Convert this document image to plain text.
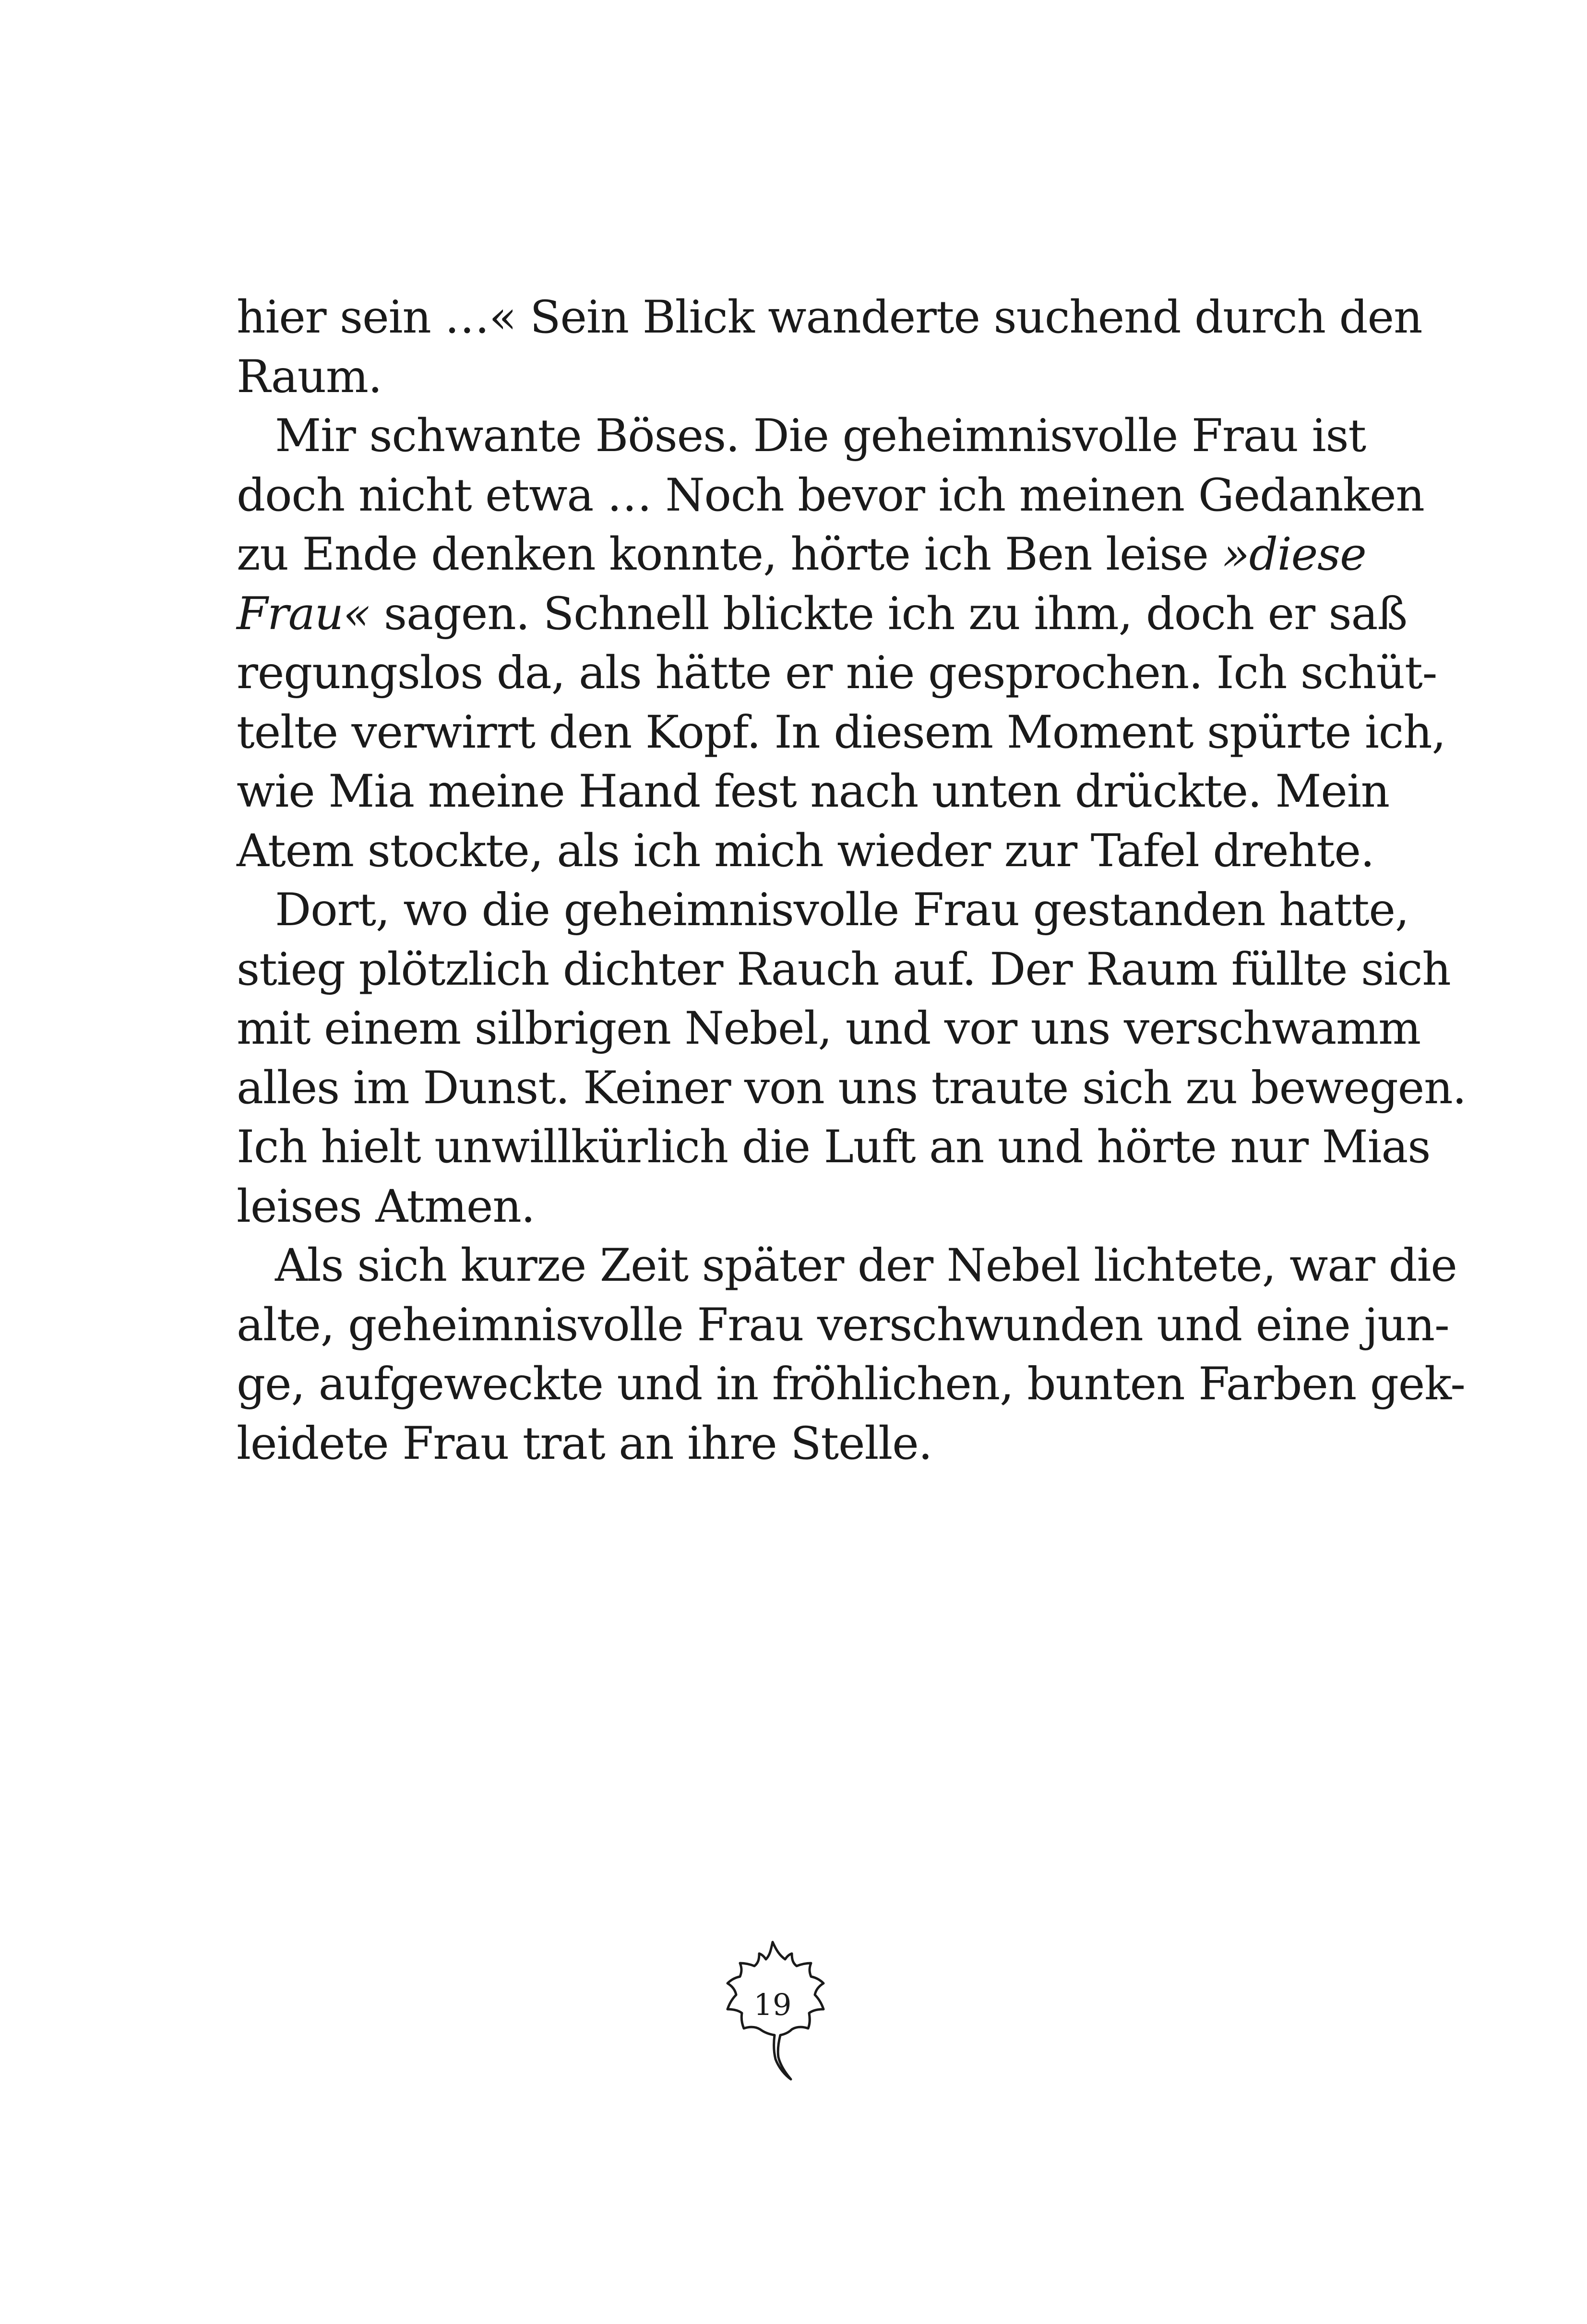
hier sein …« Sein Blick wanderte suchend durch den
Raum.
Mir schwante Böses. Die geheimnisvolle Frau ist
doch nicht etwa … Noch bevor ich meinen Gedanken
zu Ende denken konnte, hörte ich Ben leise »diese
Frau« sagen. Schnell blickte ich zu ihm, doch er saß
regungslos da, als hätte er nie gesprochen. Ich schüt-
telte verwirrt den Kopf. In diesem Moment spürte ich,
wie Mia meine Hand fest nach unten drückte. Mein
Atem stockte, als ich mich wieder zur Tafel drehte.
Dort, wo die geheimnisvolle Frau gestanden hatte,
stieg plötzlich dichter Rauch auf. Der Raum füllte sich
mit einem silbrigen Nebel, und vor uns verschwamm
alles im Dunst. Keiner von uns traute sich zu bewegen.
Ich hielt unwillkürlich die Luft an und hörte nur Mias
leises Atmen.
Als sich kurze Zeit später der Nebel lichtete, war die
alte, geheimnisvolle Frau verschwunden und eine jun-
ge, aufgeweckte und in fröhlichen, bunten Farben gek-
leidete Frau trat an ihre Stelle.
19
